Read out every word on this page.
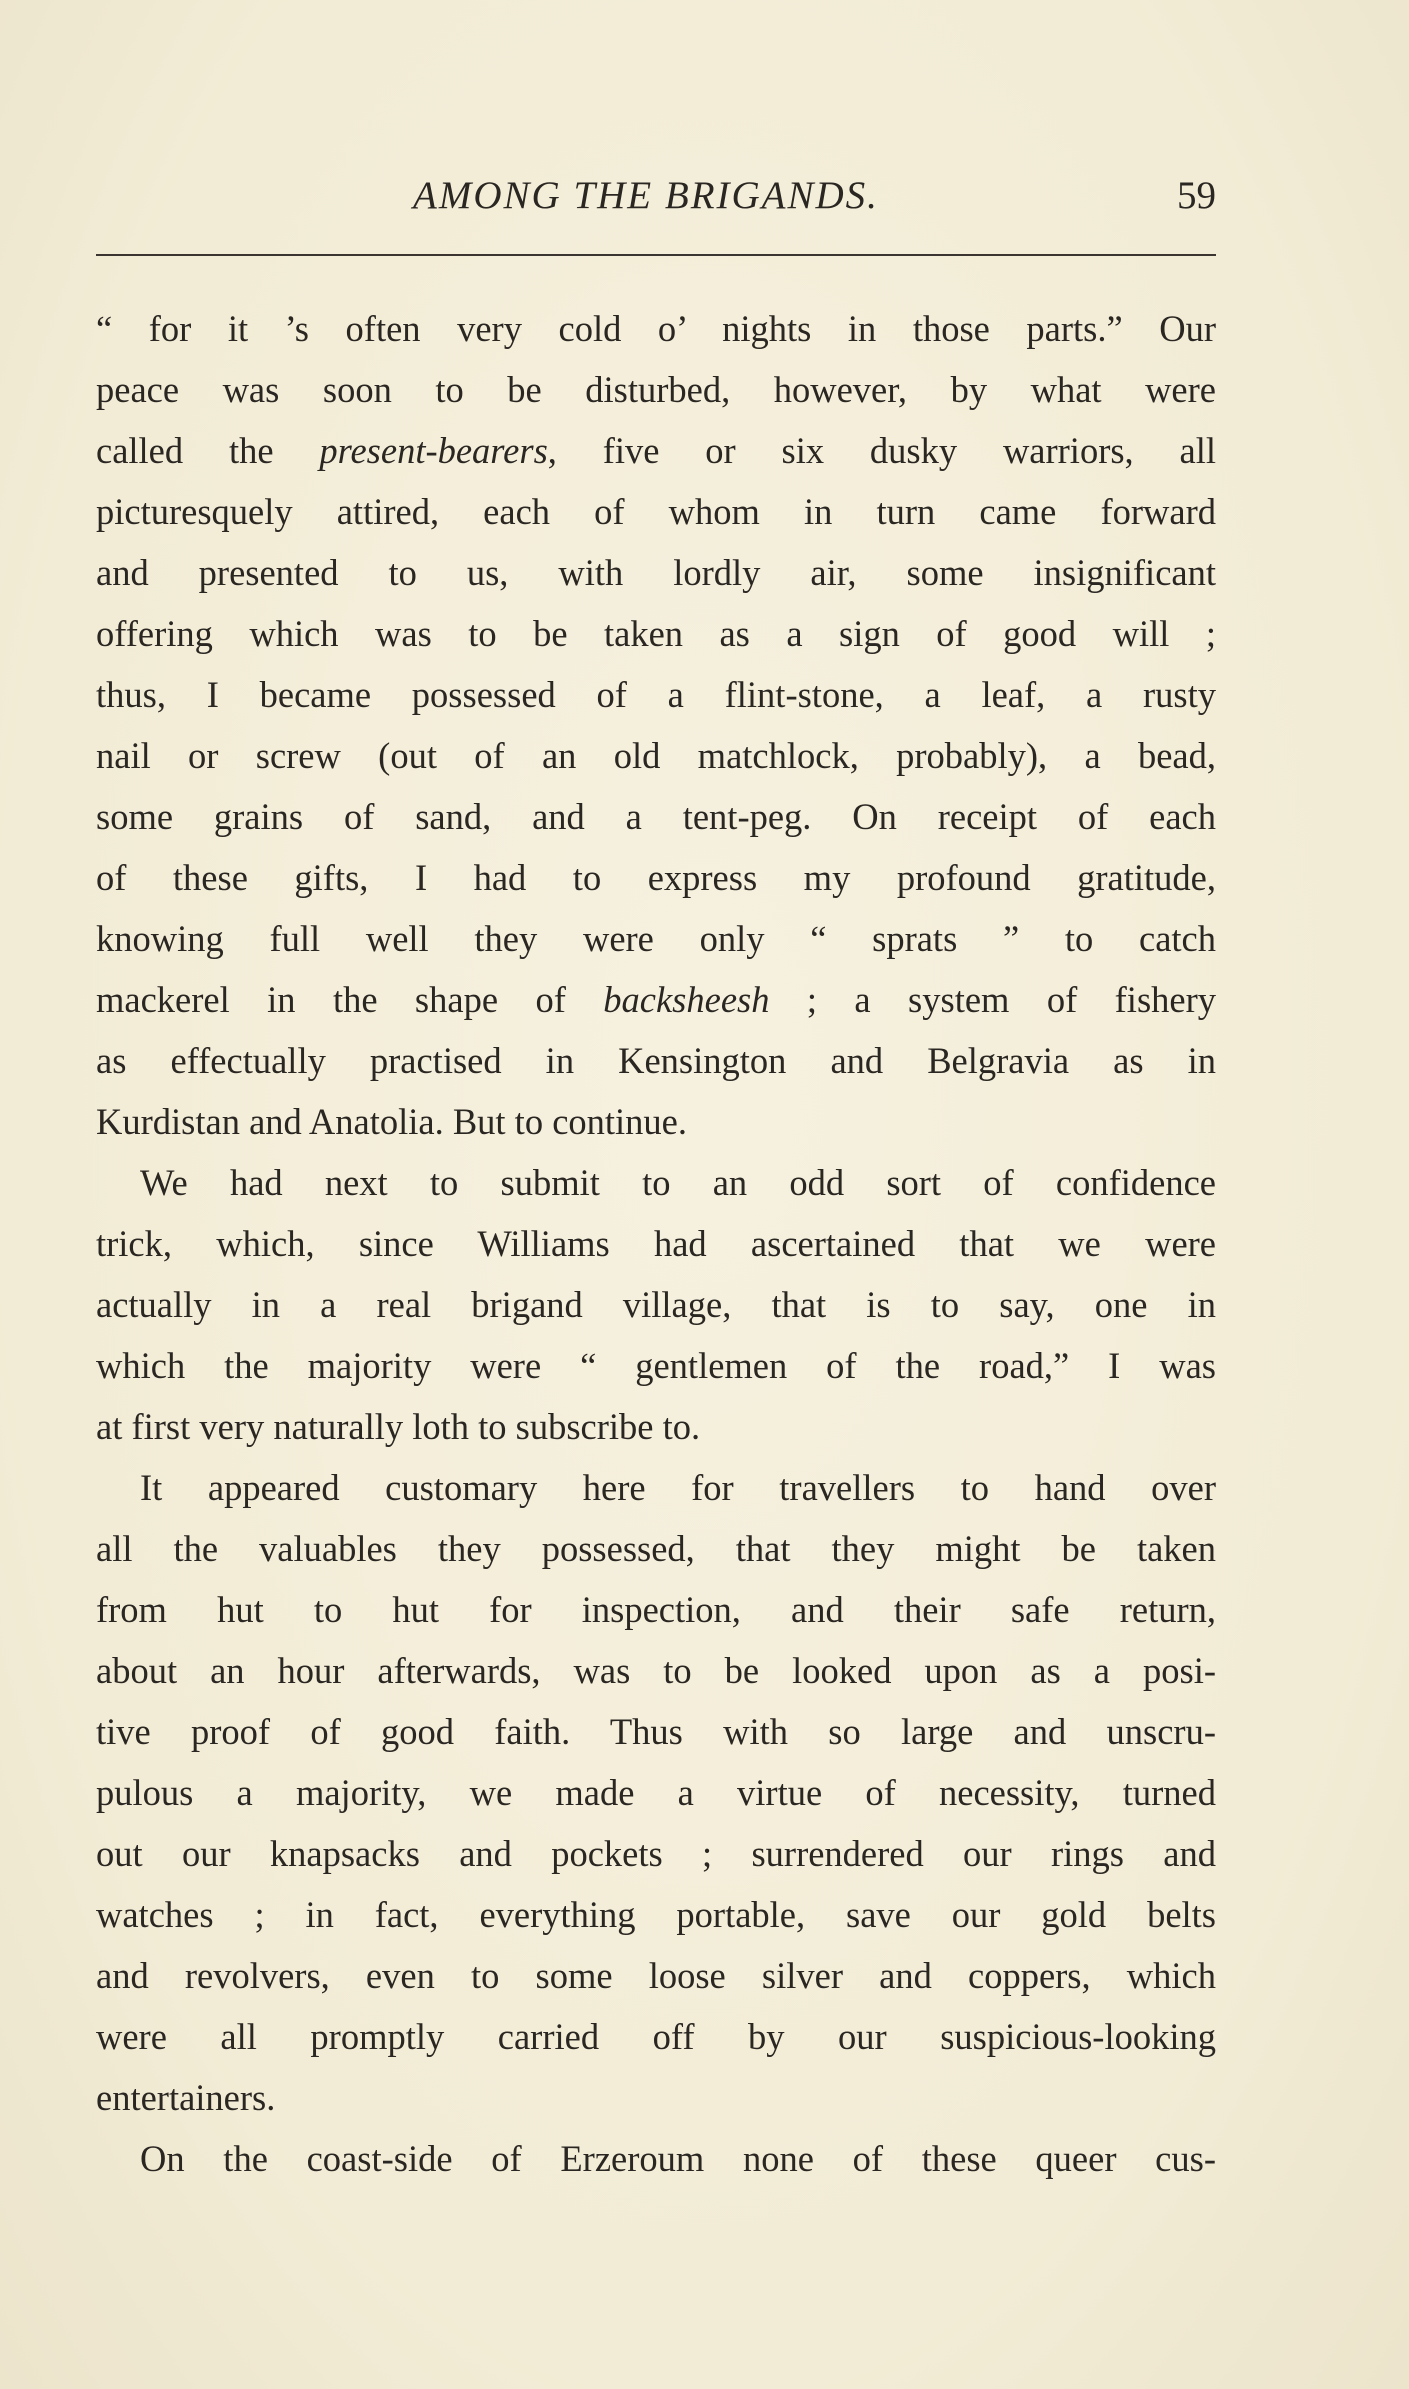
AMONG THE BRIGANDS.	59
“ for it ’s often very cold o’ nights in those parts.” Our
peace was soon to be disturbed, however, by what were
called the present-bearers, five or six dusky warriors, all
picturesquely attired, each of whom in turn came forward
and presented to us, with lordly air, some insignificant
offering which was to be taken as a sign of good will ;
thus, I became possessed of a flint-stone, a leaf, a rusty
nail or screw (out of an old matchlock, probably), a bead,
some grains of sand, and a tent-peg. On receipt of each
of these gifts, I had to express my profound gratitude,
knowing full well they were only “ sprats ” to catch
mackerel in the shape of backsheesh ; a system of fishery
as effectually practised in Kensington and Belgravia as in
Kurdistan and Anatolia. But to continue.
We had next to submit to an odd sort of confidence
trick, which, since Williams had ascertained that we were
actually in a real brigand village, that is to say, one in
which the majority were “ gentlemen of the road,” I was
at first very naturally loth to subscribe to.
It appeared customary here for travellers to hand over
all the valuables they possessed, that they might be taken
from hut to hut for inspection, and their safe return,
about an hour afterwards, was to be looked upon as a posi-
tive proof of good faith. Thus with so large and unscru-
pulous a majority, we made a virtue of necessity, turned
out our knapsacks and pockets ; surrendered our rings and
watches ; in fact, everything portable, save our gold belts
and revolvers, even to some loose silver and coppers, which
were all promptly carried off by our suspicious-looking
entertainers.
On the coast-side of Erzeroum none of these queer cus-
